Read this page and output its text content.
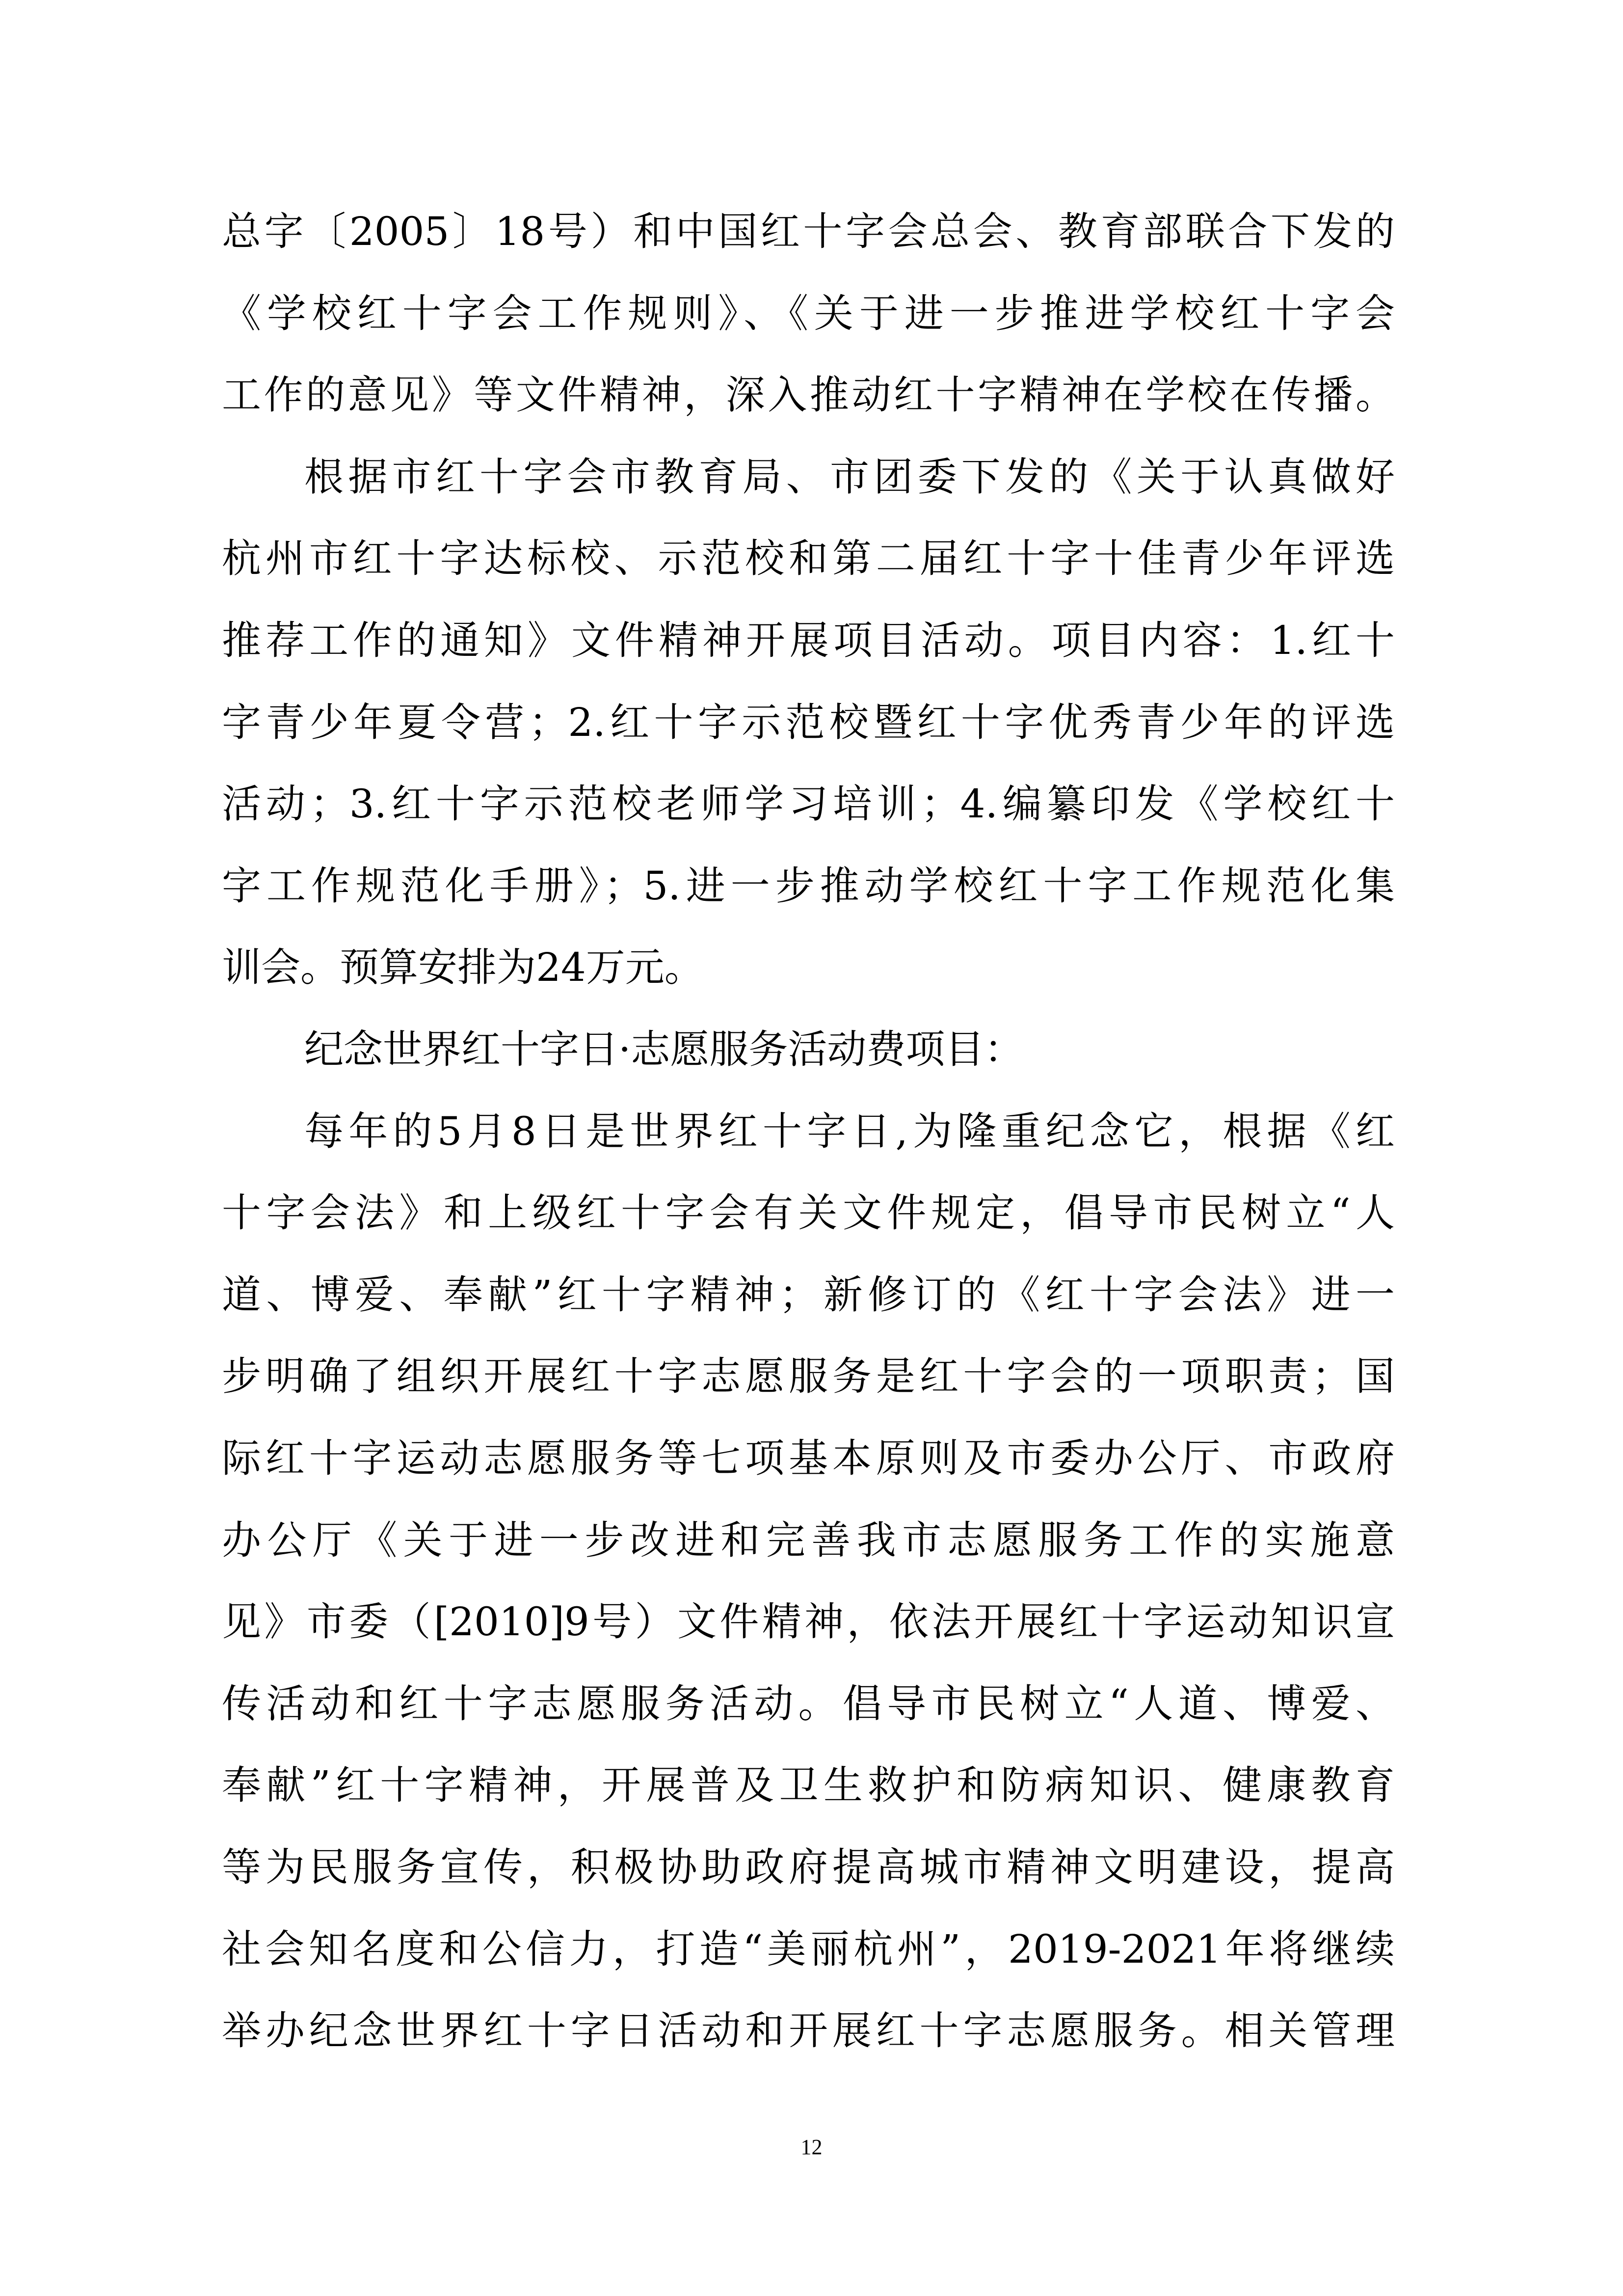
总字〔2005〕18号）和中国红十字会总会、教育部联合下发的
《学校红十字会工作规则》、《关于进一步推进学校红十字会
工作的意见》等文件精神，深入推动红十字精神在学校在传播。
根据市红十字会市教育局、市团委下发的《关于认真做好
杭州市红十字达标校、示范校和第二届红十字十佳青少年评选
推荐工作的通知》文件精神开展项目活动。项目内容：1.红十
字青少年夏令营；2.红十字示范校暨红十字优秀青少年的评选
活动；3.红十字示范校老师学习培训；4.编纂印发《学校红十
字工作规范化手册》；5.进一步推动学校红十字工作规范化集
训会。预算安排为24万元。
纪念世界红十字日·志愿服务活动费项目：
每年的5月8日是世界红十字日,为隆重纪念它，根据《红
十字会法》和上级红十字会有关文件规定，倡导市民树立“人
道、博爱、奉献”红十字精神；新修订的《红十字会法》进一
步明确了组织开展红十字志愿服务是红十字会的一项职责；国
际红十字运动志愿服务等七项基本原则及市委办公厅、市政府
办公厅《关于进一步改进和完善我市志愿服务工作的实施意
见》市委（[2010]9号）文件精神，依法开展红十字运动知识宣
传活动和红十字志愿服务活动。倡导市民树立“人道、博爱、
奉献”红十字精神，开展普及卫生救护和防病知识、健康教育
等为民服务宣传，积极协助政府提高城市精神文明建设，提高
社会知名度和公信力，打造“美丽杭州”，2019-2021年将继续
举办纪念世界红十字日活动和开展红十字志愿服务。相关管理
12
